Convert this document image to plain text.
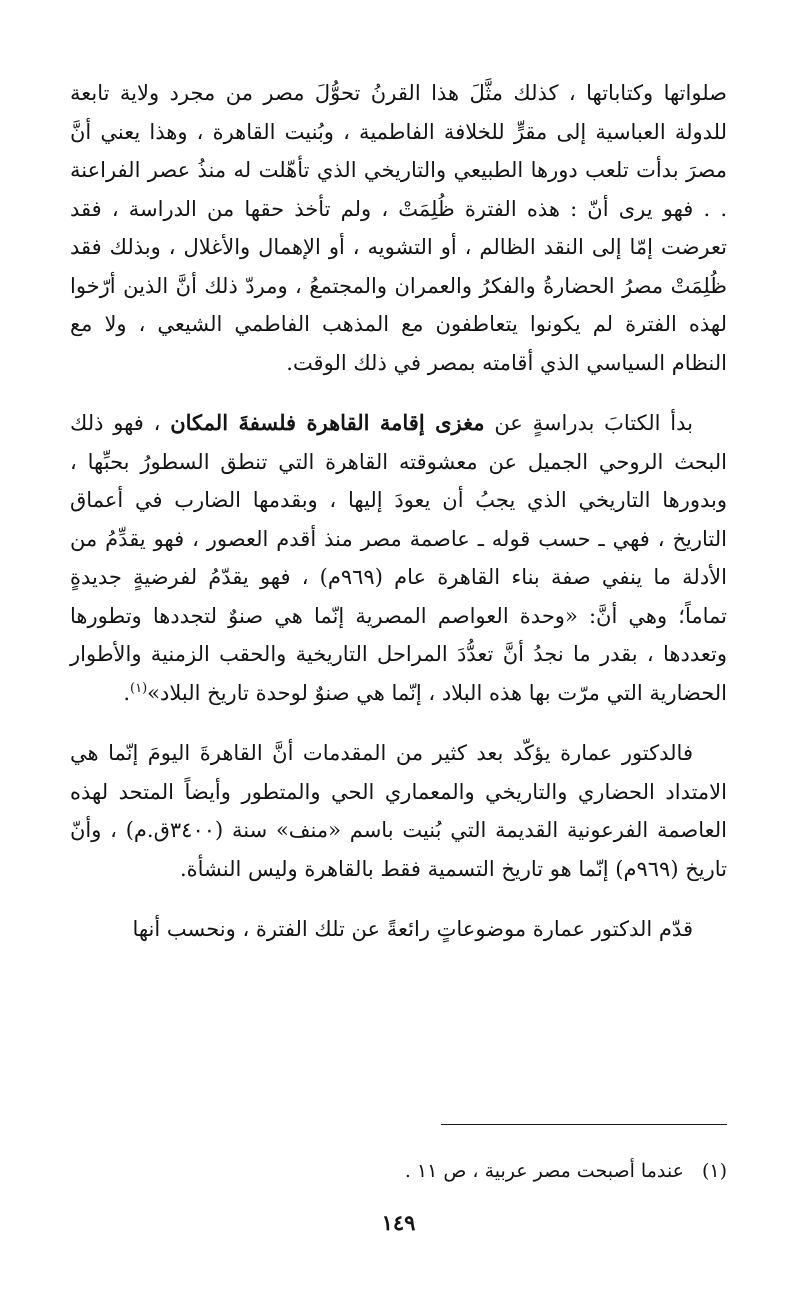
صلواتها وكتاباتها ، كذلك مثَّلَ هذا القرنُ تحوُّلَ مصر من مجرد ولاية تابعة للدولة العباسية إلى مقرٍّ للخلافة الفاطمية ، وبُنيت القاهرة ، وهذا يعني أنَّ مصرَ بدأت تلعب دورها الطبيعي والتاريخي الذي تأهّلت له منذُ عصر الفراعنة . . فهو يرى أنّ : هذه الفترة ظُلِمَتْ ، ولم تأخذ حقها من الدراسة ، فقد تعرضت إمّا إلى النقد الظالم ، أو التشويه ، أو الإهمال والأغلال ، وبذلك فقد ظُلِمَتْ مصرُ الحضارةُ والفكرُ والعمران والمجتمعُ ، ومردّ ذلك أنَّ الذين أرّخوا لهذه الفترة لم يكونوا يتعاطفون مع المذهب الفاطمي الشيعي ، ولا مع النظام السياسي الذي أقامته بمصر في ذلك الوقت.

بدأ الكتابَ بدراسةٍ عن مغزى إقامة القاهرة فلسفةَ المكان ، فهو ذلك البحث الروحي الجميل عن معشوقته القاهرة التي تنطق السطورُ بحبِّها ، وبدورها التاريخي الذي يجبُ أن يعودَ إليها ، وبقدمها الضارب في أعماق التاريخ ، فهي ـ حسب قوله ـ عاصمة مصر منذ أقدم العصور ، فهو يقدِّمُ من الأدلة ما ينفي صفة بناء القاهرة عام (٩٦٩م) ، فهو يقدّمُ لفرضيةٍ جديدةٍ تماماً؛ وهي أنَّ: «وحدة العواصم المصرية إنّما هي صنوٌ لتجددها وتطورها وتعددها ، بقدر ما نجدُ أنَّ تعدُّدَ المراحل التاريخية والحقب الزمنية والأطوار الحضارية التي مرّت بها هذه البلاد ، إنّما هي صنوٌ لوحدة تاريخ البلاد»$^{(١)}$.

فالدكتور عمارة يؤكّد بعد كثير من المقدمات أنَّ القاهرةَ اليومَ إنّما هي الامتداد الحضاري والتاريخي والمعماري الحي والمتطور وأيضاً المتحد لهذه العاصمة الفرعونية القديمة التي بُنيت باسم «منف» سنة (٣٤٠٠ق.م) ، وأنّ تاريخ (٩٦٩م) إنّما هو تاريخ التسمية فقط بالقاهرة وليس النشأة.

قدّم الدكتور عمارة موضوعاتٍ رائعةً عن تلك الفترة ، ونحسب أنها

(١)عندما أصبحت مصر عربية ، ص ١١ .
١٤٩
